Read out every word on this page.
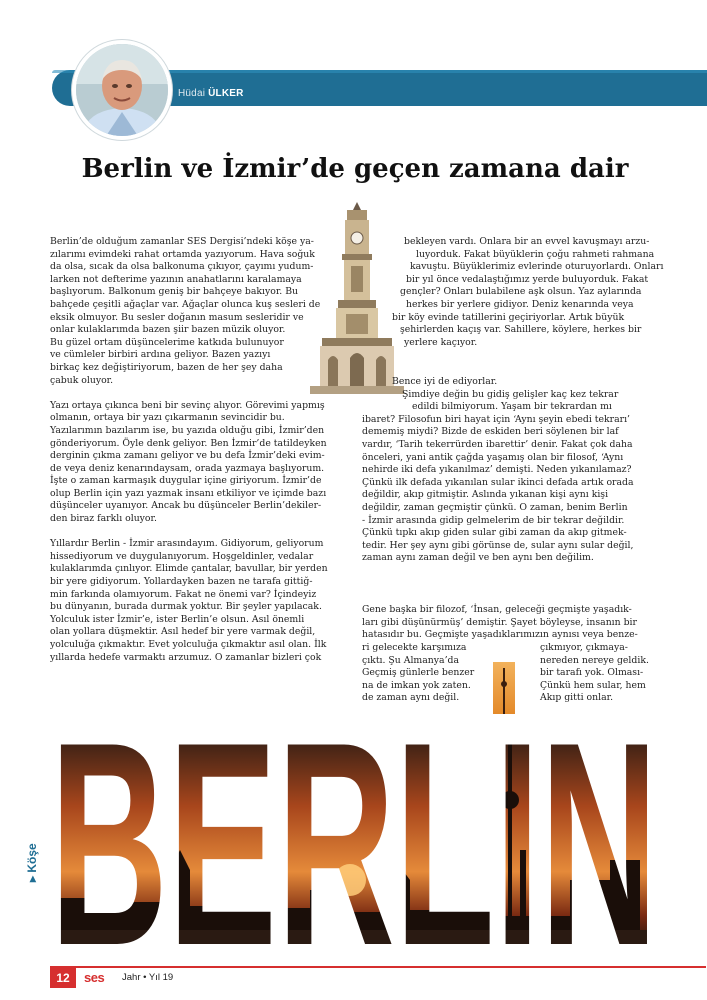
Hüdai ÜLKER
Berlin ve İzmir’de geçen zamana dair

Berlin’de olduğum zamanlar SES Dergisi’ndeki köşe ya-
zılarımı evimdeki rahat ortamda yazıyorum. Hava soğuk
da olsa, sıcak da olsa balkonuma çıkıyor, çayımı yudum-
larken not defterime yazının anahatlarını karalamaya
başlıyorum. Balkonum geniş bir bahçeye bakıyor. Bu
bahçede çeşitli ağaçlar var. Ağaçlar olunca kuş sesleri de
eksik olmuyor. Bu sesler doğanın masum sesleridir ve
onlar kulaklarımda bazen şiir bazen müzik oluyor.
Bu güzel ortam düşüncelerime katkıda bulunuyor
ve cümleler birbiri ardına geliyor. Bazen yazıyı
birkaç kez değiştiriyorum, bazen de her şey daha
çabuk oluyor.

Yazı ortaya çıkınca beni bir sevinç alıyor. Görevimi yapmış
olmanın, ortaya bir yazı çıkarmanın sevincidir bu.
Yazılarımın bazılarım ise, bu yazıda olduğu gibi, İzmir’den
gönderiyorum. Öyle denk geliyor. Ben İzmir’de tatildeyken
derginin çıkma zamanı geliyor ve bu defa İzmir’deki evim-
de veya deniz kenarındaysam, orada yazmaya başlıyorum.
İşte o zaman karmaşık duygular içine giriyorum. İzmir’de
olup Berlin için yazı yazmak insanı etkiliyor ve içimde bazı
düşünceler uyanıyor. Ancak bu düşünceler Berlin’dekiler-
den biraz farklı oluyor.

Yıllardır Berlin - İzmir arasındayım. Gidiyorum, geliyorum
hissediyorum ve duygulanıyorum. Hoşgeldinler, vedalar
kulaklarımda çınlıyor. Elimde çantalar, bavullar, bir yerden
bir yere gidiyorum. Yollardayken bazen ne tarafa gittiğ-
min farkında olamıyorum. Fakat ne önemi var? İçindeyiz
bu dünyanın, burada durmak yoktur. Bir şeyler yapılacak.
Yolculuk ister İzmir’e, ister Berlin’e olsun. Asıl önemli
olan yollara düşmektir. Asıl hedef bir yere varmak değil,
yolculuğa çıkmaktır. Evet yolculuğa çıkmaktır asıl olan. İlk
yıllarda hedefe varmaktı arzumuz. O zamanlar bizleri çok

bekleyen vardı. Onlara bir an evvel kavuşmayı arzu-
luyorduk. Fakat büyüklerin çoğu rahmeti rahmana
kavuştu. Büyüklerimiz evlerinde oturuyorlardı. Onları
bir yıl önce vedalaştığımız yerde buluyorduk. Fakat
gençler? Onları bulabilene aşk olsun. Yaz aylarında
herkes bir yerlere gidiyor. Deniz kenarında veya
bir köy evinde tatillerini geçiriyorlar. Artık büyük
şehirlerden kaçış var. Sahillere, köylere, herkes bir
yerlere kaçıyor.
Bence iyi de ediyorlar.
Şimdiye değin bu gidiş gelişler kaç kez tekrar
edildi bilmiyorum. Yaşam bir tekrardan mı
ibaret? Filosofun biri hayat için ‘Aynı şeyin ebedi tekrarı’
dememiş miydi? Bizde de eskiden beri söylenen bir laf
vardır, ‘Tarih tekerrürden ibarettir’ denir. Fakat çok daha
önceleri, yani antik çağda yaşamış olan bir filosof, ‘Aynı
nehirde iki defa yıkanılmaz’ demişti. Neden yıkanılamaz?
Çünkü ilk defada yıkanılan sular ikinci defada artık orada
değildir, akıp gitmiştir. Aslında yıkanan kişi aynı kişi
değildir, zaman geçmiştir çünkü. O zaman, benim Berlin
- İzmir arasında gidip gelmelerim de bir tekrar değildir.
Çünkü tıpkı akıp giden sular gibi zaman da akıp gitmek-
tedir. Her şey aynı gibi görünse de, sular aynı sular değil,
zaman aynı zaman değil ve ben aynı ben değilim.
Gene başka bir filozof, ‘İnsan, geleceği geçmişte yaşadık-
ları gibi düşünürmüş’ demiştir. Şayet böyleyse, insanın bir
hatasıdır bu. Geçmişte yaşadıklarımızın aynısı veya benze-
ri gelecekte karşımıza
çıktı. Şu Almanya’da
Geçmiş günlerle benzer
na de imkan yok zaten.
de zaman aynı değil.
çıkmıyor, çıkmaya-
nereden nereye geldik.
bir tarafı yok. Olması-
Çünkü hem sular, hem
Akıp gitti onlar.
▸ Köşe
12	ses Jahr • Yıl 19
